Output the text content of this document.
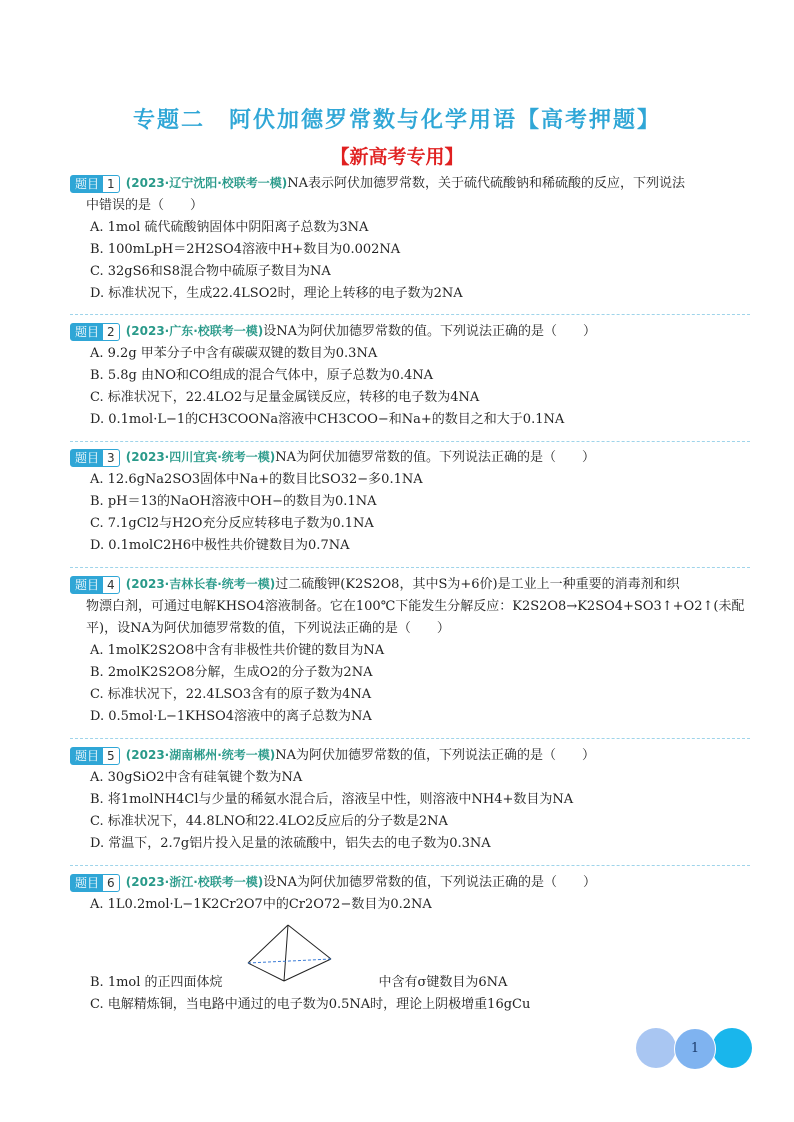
专题二　阿伏加德罗常数与化学用语【高考押题】
【新高考专用】
题目 1 (2023·辽宁沈阳·校联考一模)NA表示阿伏加德罗常数，关于硫代硫酸钠和稀硫酸的反应，下列说法
中错误的是（　　）
A. 1mol 硫代硫酸钠固体中阴阳离子总数为3NA
B. 100mLpH＝2H2SO4溶液中H+数目为0.002NA
C. 32gS6和S8混合物中硫原子数目为NA
D. 标准状况下，生成22.4LSO2时，理论上转移的电子数为2NA
题目 2 (2023·广东·校联考一模)设NA为阿伏加德罗常数的值。下列说法正确的是（　　）
A. 9.2g 甲苯分子中含有碳碳双键的数目为0.3NA
B. 5.8g 由NO和CO组成的混合气体中，原子总数为0.4NA
C. 标准状况下，22.4LO2与足量金属镁反应，转移的电子数为4NA
D. 0.1mol·L−1的CH3COONa溶液中CH3COO−和Na+的数目之和大于0.1NA
题目 3 (2023·四川宜宾·统考一模)NA为阿伏加德罗常数的值。下列说法正确的是（　　）
A. 12.6gNa2SO3固体中Na+的数目比SO32−多0.1NA
B. pH＝13的NaOH溶液中OH−的数目为0.1NA
C. 7.1gCl2与H2O充分反应转移电子数为0.1NA
D. 0.1molC2H6中极性共价键数目为0.7NA
题目 4 (2023·吉林长春·统考一模)过二硫酸钾(K2S2O8，其中S为+6价)是工业上一种重要的消毒剂和织
物漂白剂，可通过电解KHSO4溶液制备。它在100℃下能发生分解反应：K2S2O8→K2SO4+SO3↑+O2↑(未配平)，设NA为阿伏加德罗常数的值，下列说法正确的是（　　）
A. 1molK2S2O8中含有非极性共价键的数目为NA
B. 2molK2S2O8分解，生成O2的分子数为2NA
C. 标准状况下，22.4LSO3含有的原子数为4NA
D. 0.5mol·L−1KHSO4溶液中的离子总数为NA
题目 5 (2023·湖南郴州·统考一模)NA为阿伏加德罗常数的值，下列说法正确的是（　　）
A. 30gSiO2中含有硅氧键个数为NA
B. 将1molNH4Cl与少量的稀氨水混合后，溶液呈中性，则溶液中NH4+数目为NA
C. 标准状况下，44.8LNO和22.4LO2反应后的分子数是2NA
D. 常温下，2.7g铝片投入足量的浓硫酸中，铝失去的电子数为0.3NA
题目 6 (2023·浙江·校联考一模)设NA为阿伏加德罗常数的值，下列说法正确的是（　　）
A. 1L0.2mol·L−1K2Cr2O7中的Cr2O72−数目为0.2NA
B. 1mol 的正四面体烷　　　　　　　　　　　　中含有σ键数目为6NA
C. 电解精炼铜，当电路中通过的电子数为0.5NA时，理论上阴极增重16gCu
1
